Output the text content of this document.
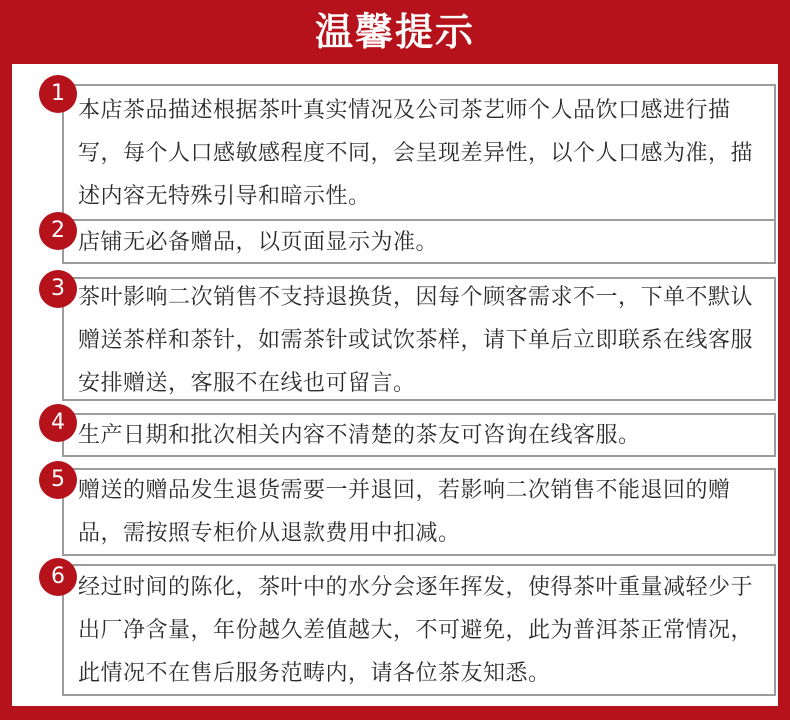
温馨提示
本店茶品描述根据茶叶真实情况及公司茶艺师个人品饮口感进行描写，每个人口感敏感程度不同，会呈现差异性，以个人口感为准，描述内容无特殊引导和暗示性。
1
店铺无必备赠品，以页面显示为准。
2
茶叶影响二次销售不支持退换货，因每个顾客需求不一，下单不默认赠送茶样和茶针，如需茶针或试饮茶样，请下单后立即联系在线客服安排赠送，客服不在线也可留言。
3
生产日期和批次相关内容不清楚的茶友可咨询在线客服。
4
赠送的赠品发生退货需要一并退回，若影响二次销售不能退回的赠品，需按照专柜价从退款费用中扣减。
5
经过时间的陈化，茶叶中的水分会逐年挥发，使得茶叶重量减轻少于出厂净含量，年份越久差值越大，不可避免，此为普洱茶正常情况，此情况不在售后服务范畴内，请各位茶友知悉。
6
